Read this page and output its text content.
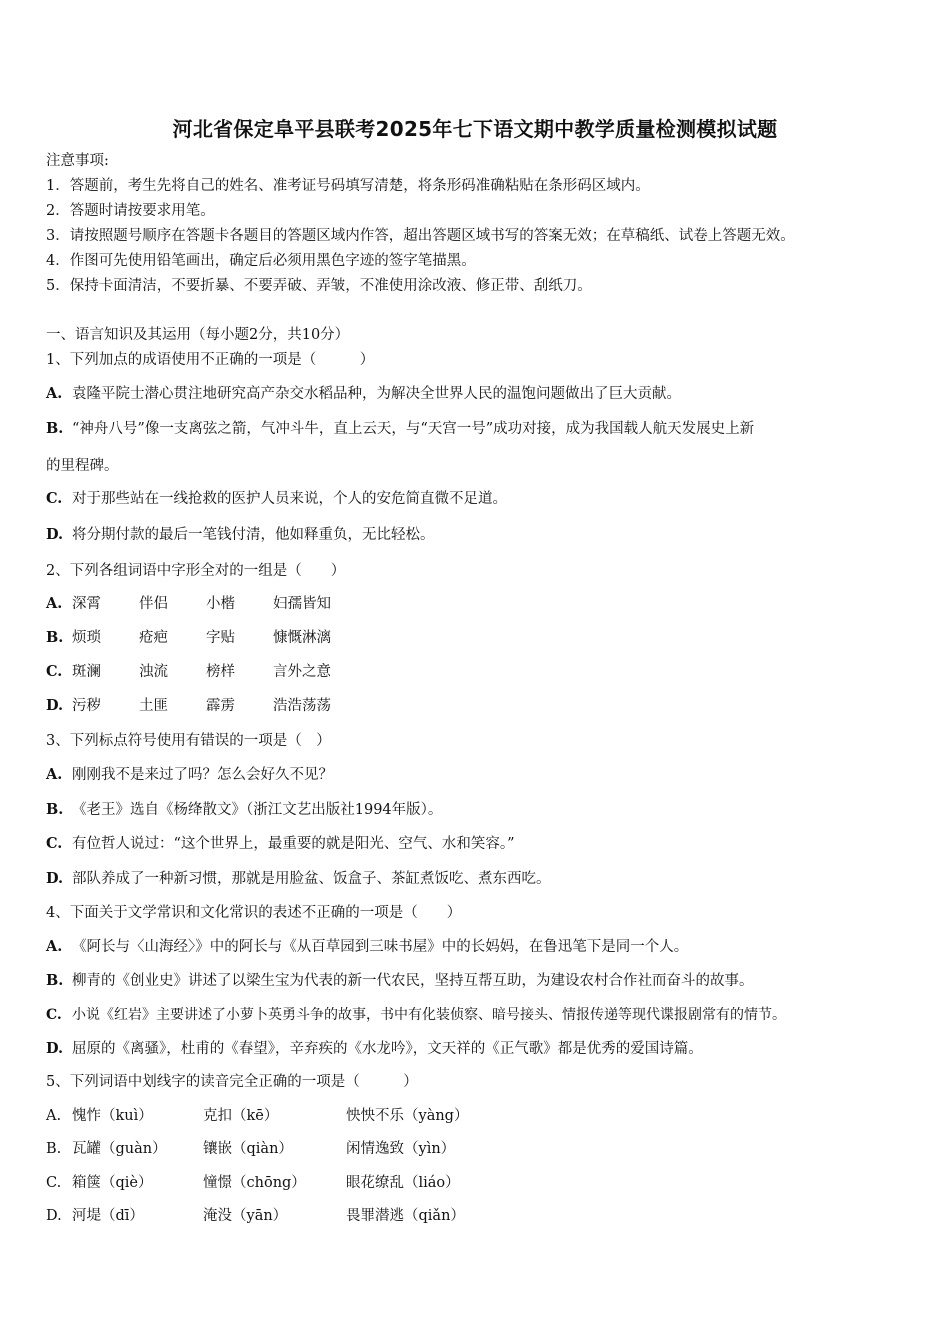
河北省保定阜平县联考2025年七下语文期中教学质量检测模拟试题
注意事项:
1．答题前，考生先将自己的姓名、准考证号码填写清楚，将条形码准确粘贴在条形码区域内。
2．答题时请按要求用笔。
3．请按照题号顺序在答题卡各题目的答题区域内作答，超出答题区域书写的答案无效；在草稿纸、试卷上答题无效。
4．作图可先使用铅笔画出，确定后必须用黑色字迹的签字笔描黑。
5．保持卡面清洁，不要折暴、不要弄破、弄皱，不准使用涂改液、修正带、刮纸刀。
一、语言知识及其运用（每小题2分，共10分）
1、下列加点的成语使用不正确的一项是（　　　）
A. 袁隆平院士潜心贯注地研究高产杂交水稻品种，为解决全世界人民的温饱问题做出了巨大贡献。
B. “神舟八号”像一支离弦之箭，气冲斗牛，直上云天，与“天宫一号”成功对接，成为我国载人航天发展史上新
的里程碑。
C. 对于那些站在一线抢救的医护人员来说，个人的安危简直微不足道。
D. 将分期付款的最后一笔钱付清，他如释重负，无比轻松。
2、下列各组词语中字形全对的一组是（　　）
A. 深霄	伴侣	小楷	妇孺皆知
B. 烦琐	疮疤	字贴	慷慨淋漓
C. 斑澜	浊流	榜样	言外之意
D. 污秽	土匪	霹雳	浩浩荡荡
3、下列标点符号使用有错误的一项是（　）
A. 刚刚我不是来过了吗？怎么会好久不见？
B. 《老王》选自《杨绛散文》（浙江文艺出版社1994年版）。
C. 有位哲人说过：“这个世界上，最重要的就是阳光、空气、水和笑容。”
D. 部队养成了一种新习惯，那就是用脸盆、饭盒子、茶缸煮饭吃、煮东西吃。
4、下面关于文学常识和文化常识的表述不正确的一项是（　　）
A. 《阿长与〈山海经〉》中的阿长与《从百草园到三味书屋》中的长妈妈，在鲁迅笔下是同一个人。
B. 柳青的《创业史》讲述了以梁生宝为代表的新一代农民，坚持互帮互助，为建设农村合作社而奋斗的故事。
C. 小说《红岩》主要讲述了小萝卜英勇斗争的故事，书中有化装侦察、暗号接头、情报传递等现代谍报剧常有的情节。
D. 屈原的《离骚》，杜甫的《春望》，辛弃疾的《水龙吟》，文天祥的《正气歌》都是优秀的爱国诗篇。
5、下列词语中划线字的读音完全正确的一项是（　　　）
A. 愧怍（kuì）	克扣（kē）	怏怏不乐（yàng）
B. 瓦罐（guàn）	镶嵌（qiàn）	闲情逸致（yìn）
C. 箱箧（qiè）	憧憬（chōng）	眼花缭乱（liáo）
D. 河堤（dī）	淹没（yān）	畏罪潜逃（qiǎn）
